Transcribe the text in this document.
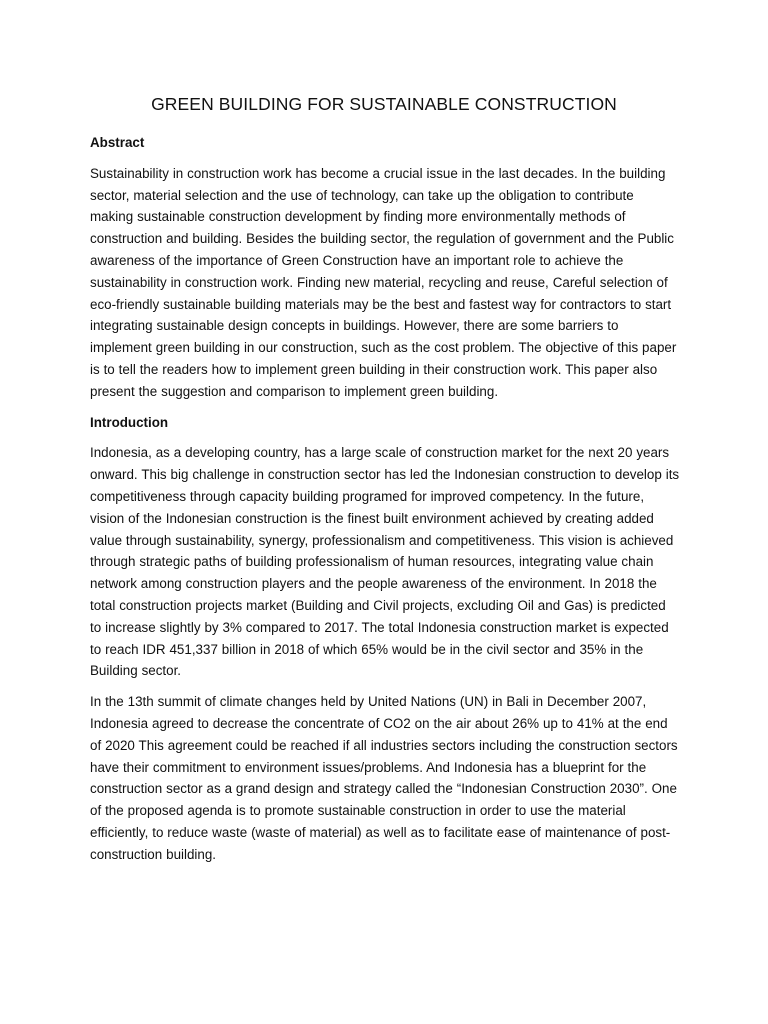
GREEN BUILDING FOR SUSTAINABLE CONSTRUCTION

Abstract

Sustainability in construction work has become a crucial issue in the last decades. In the building sector, material selection and the use of technology, can take up the obligation to contribute making sustainable construction development by finding more environmentally methods of construction and building. Besides the building sector, the regulation of government and the Public awareness of the importance of Green Construction have an important role to achieve the sustainability in construction work. Finding new material, recycling and reuse, Careful selection of eco-friendly sustainable building materials may be the best and fastest way for contractors to start integrating sustainable design concepts in buildings. However, there are some barriers to implement green building in our construction, such as the cost problem. The objective of this paper is to tell the readers how to implement green building in their construction work. This paper also present the suggestion and comparison to implement green building.

Introduction

Indonesia, as a developing country, has a large scale of construction market for the next 20 years onward. This big challenge in construction sector has led the Indonesian construction to develop its competitiveness through capacity building programed for improved competency. In the future, vision of the Indonesian construction is the finest built environment achieved by creating added value through sustainability, synergy, professionalism and competitiveness. This vision is achieved through strategic paths of building professionalism of human resources, integrating value chain network among construction players and the people awareness of the environment. In 2018 the total construction projects market (Building and Civil projects, excluding Oil and Gas) is predicted to increase slightly by 3% compared to 2017. The total Indonesia construction market is expected to reach IDR 451,337 billion in 2018 of which 65% would be in the civil sector and 35% in the Building sector.

In the 13th summit of climate changes held by United Nations (UN) in Bali in December 2007, Indonesia agreed to decrease the concentrate of CO2 on the air about 26% up to 41% at the end of 2020 This agreement could be reached if all industries sectors including the construction sectors have their commitment to environment issues/problems. And Indonesia has a blueprint for the construction sector as a grand design and strategy called the “Indonesian Construction 2030”. One of the proposed agenda is to promote sustainable construction in order to use the material efficiently, to reduce waste (waste of material) as well as to facilitate ease of maintenance of post-construction building.
